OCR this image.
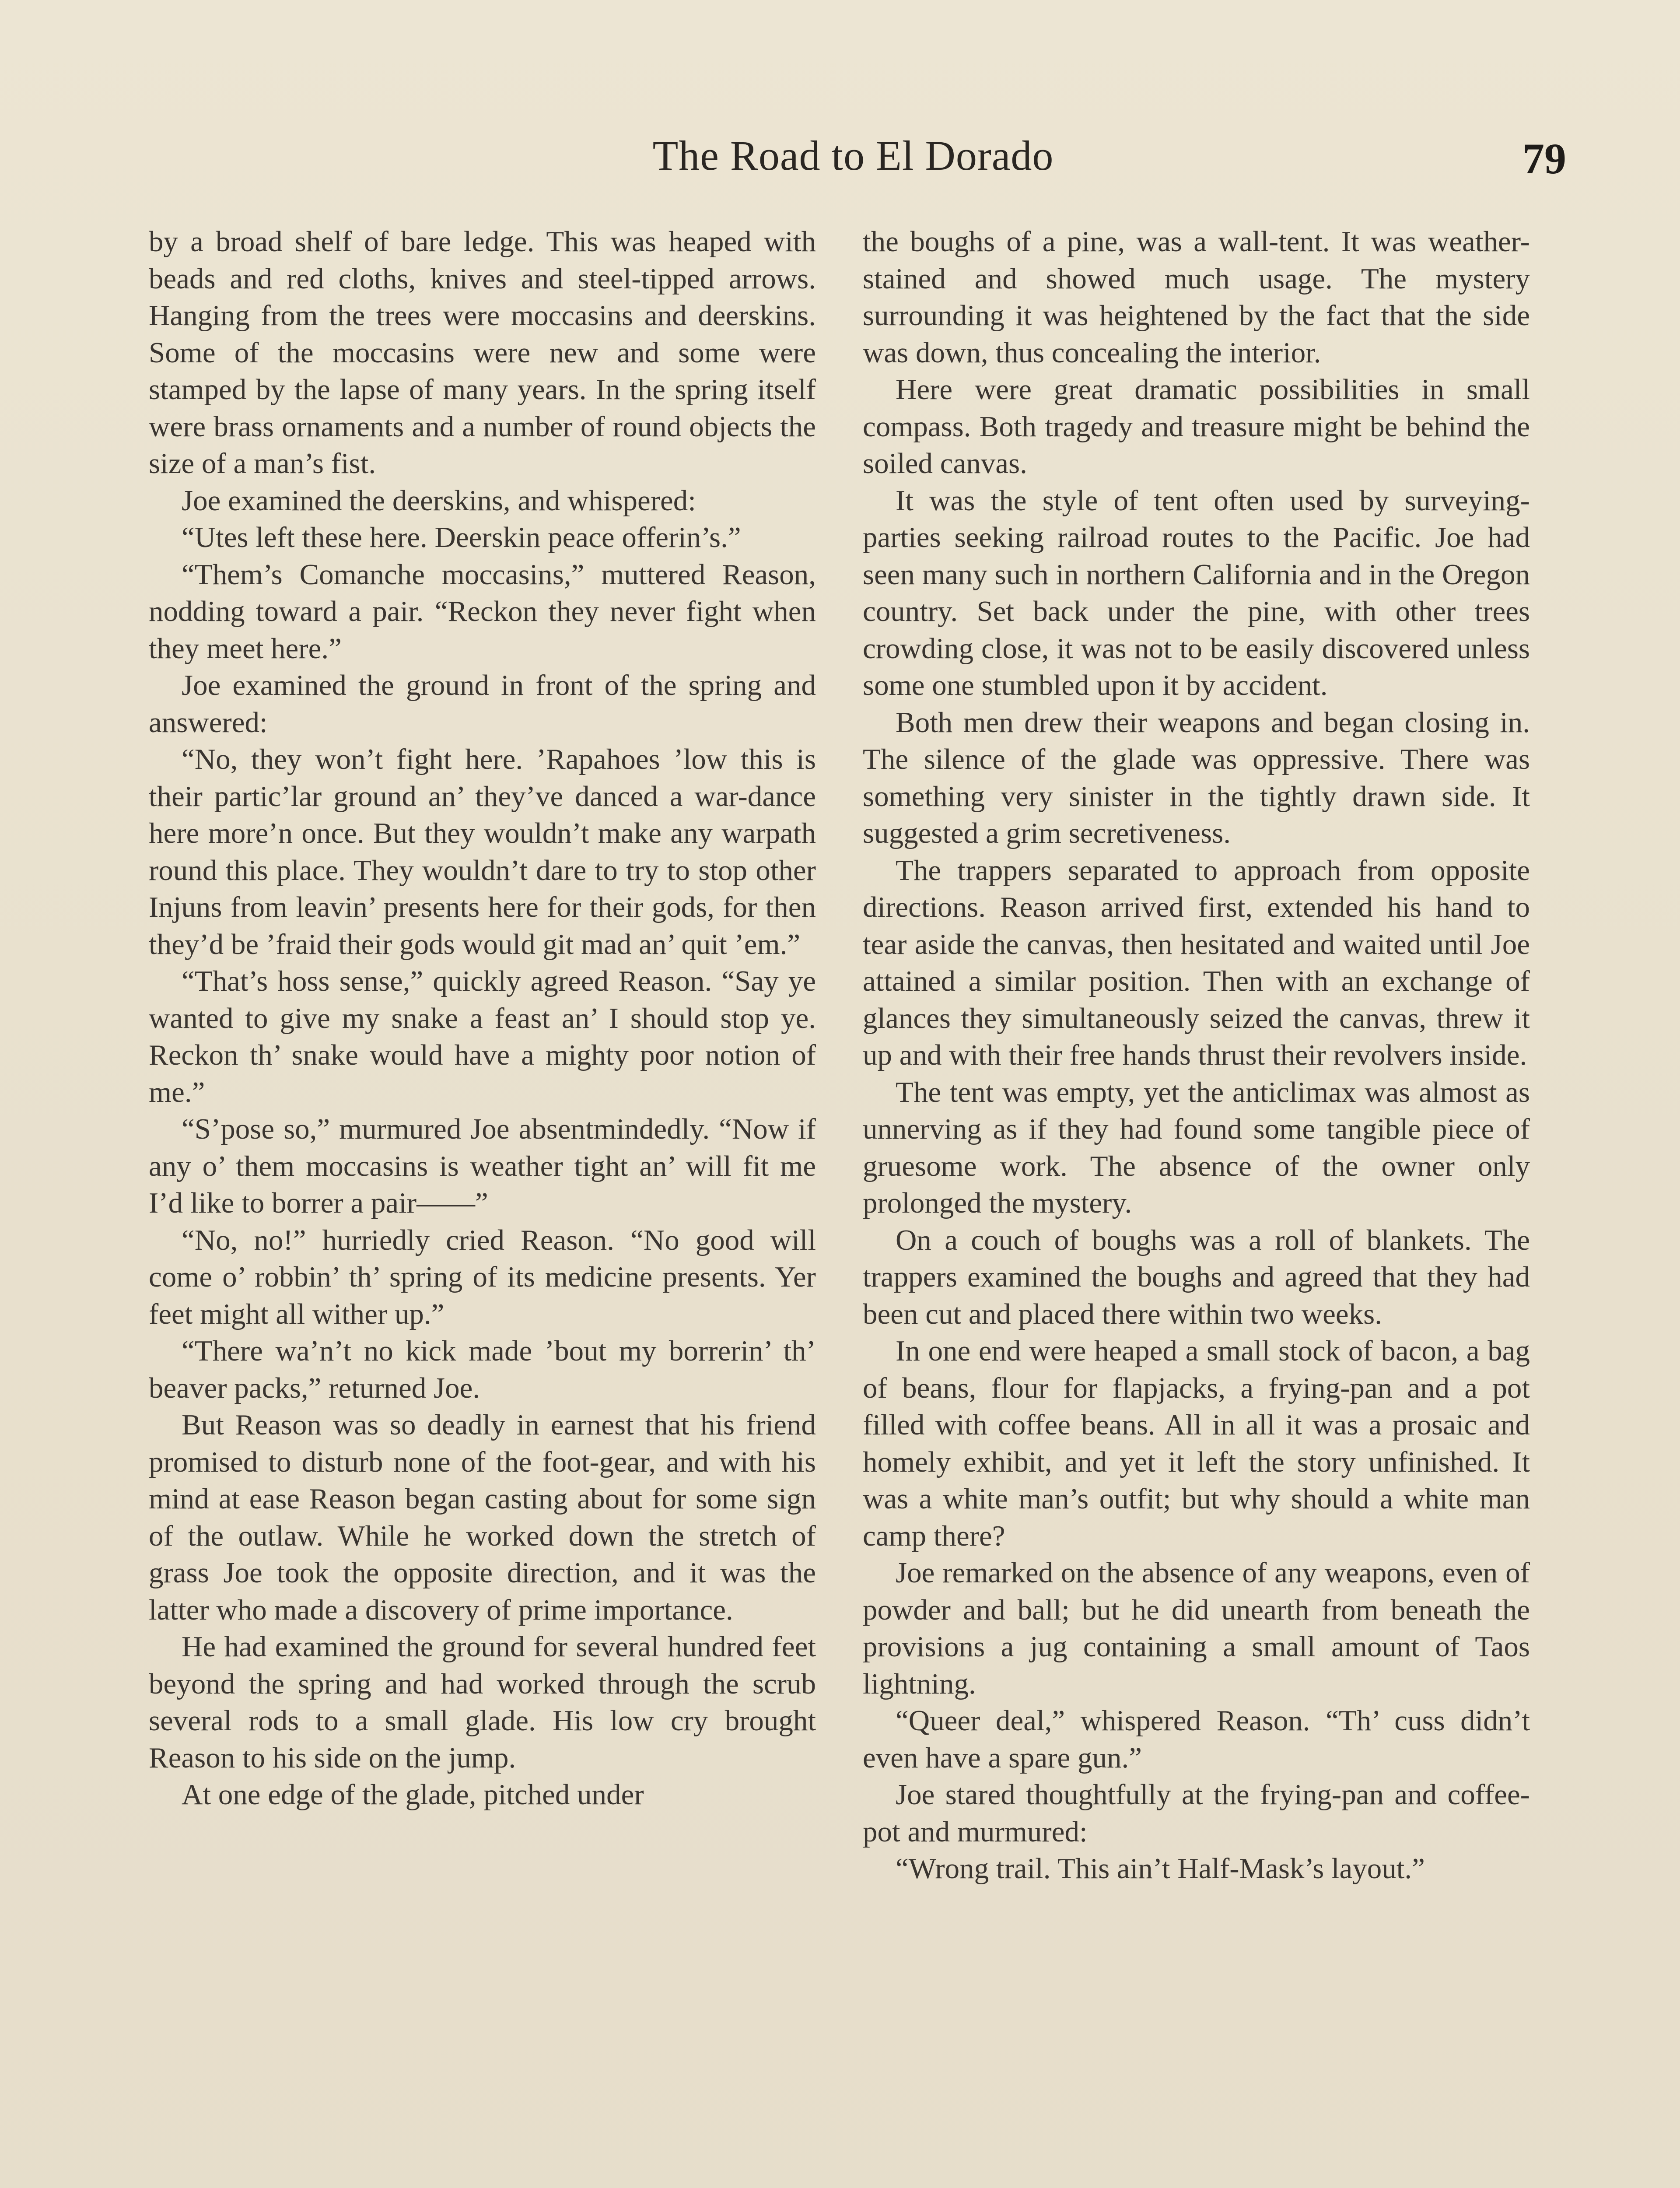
The Road to El Dorado	79

by a broad shelf of bare ledge. This was heaped with beads and red cloths, knives and steel-tipped arrows. Hanging from the trees were moccasins and deerskins. Some of the moccasins were new and some were stamped by the lapse of many years. In the spring itself were brass ornaments and a number of round objects the size of a man’s fist.

Joe examined the deerskins, and whispered:

“Utes left these here. Deerskin peace offerin’s.”

“Them’s Comanche moccasins,” muttered Reason, nodding toward a pair. “Reckon they never fight when they meet here.”

Joe examined the ground in front of the spring and answered:

“No, they won’t fight here. ’Rapahoes ’low this is their partic’lar ground an’ they’ve danced a war-dance here more’n once. But they wouldn’t make any warpath round this place. They wouldn’t dare to try to stop other Injuns from leavin’ presents here for their gods, for then they’d be ’fraid their gods would git mad an’ quit ’em.”

“That’s hoss sense,” quickly agreed Reason. “Say ye wanted to give my snake a feast an’ I should stop ye. Reckon th’ snake would have a mighty poor notion of me.”

“S’pose so,” murmured Joe absentmindedly. “Now if any o’ them moccasins is weather tight an’ will fit me I’d like to borrer a pair——”

“No, no!” hurriedly cried Reason. “No good will come o’ robbin’ th’ spring of its medicine presents. Yer feet might all wither up.”

“There wa’n’t no kick made ’bout my borrerin’ th’ beaver packs,” returned Joe.

But Reason was so deadly in earnest that his friend promised to disturb none of the foot-gear, and with his mind at ease Reason began casting about for some sign of the outlaw. While he worked down the stretch of grass Joe took the opposite direction, and it was the latter who made a discovery of prime importance.

He had examined the ground for several hundred feet beyond the spring and had worked through the scrub several rods to a small glade. His low cry brought Reason to his side on the jump.

At one edge of the glade, pitched under

the boughs of a pine, was a wall-tent. It was weather-stained and showed much usage. The mystery surrounding it was heightened by the fact that the side was down, thus concealing the interior.

Here were great dramatic possibilities in small compass. Both tragedy and treasure might be behind the soiled canvas.

It was the style of tent often used by surveying-parties seeking railroad routes to the Pacific. Joe had seen many such in northern California and in the Oregon country. Set back under the pine, with other trees crowding close, it was not to be easily discovered unless some one stumbled upon it by accident.

Both men drew their weapons and began closing in. The silence of the glade was oppressive. There was something very sinister in the tightly drawn side. It suggested a grim secretiveness.

The trappers separated to approach from opposite directions. Reason arrived first, extended his hand to tear aside the canvas, then hesitated and waited until Joe attained a similar position. Then with an exchange of glances they simultaneously seized the canvas, threw it up and with their free hands thrust their revolvers inside.

The tent was empty, yet the anticlimax was almost as unnerving as if they had found some tangible piece of gruesome work. The absence of the owner only prolonged the mystery.

On a couch of boughs was a roll of blankets. The trappers examined the boughs and agreed that they had been cut and placed there within two weeks.

In one end were heaped a small stock of bacon, a bag of beans, flour for flapjacks, a frying-pan and a pot filled with coffee beans. All in all it was a prosaic and homely exhibit, and yet it left the story unfinished. It was a white man’s outfit; but why should a white man camp there?

Joe remarked on the absence of any weapons, even of powder and ball; but he did unearth from beneath the provisions a jug containing a small amount of Taos lightning.

“Queer deal,” whispered Reason. “Th’ cuss didn’t even have a spare gun.”

Joe stared thoughtfully at the frying-pan and coffee-pot and murmured:

“Wrong trail. This ain’t Half-Mask’s layout.”
